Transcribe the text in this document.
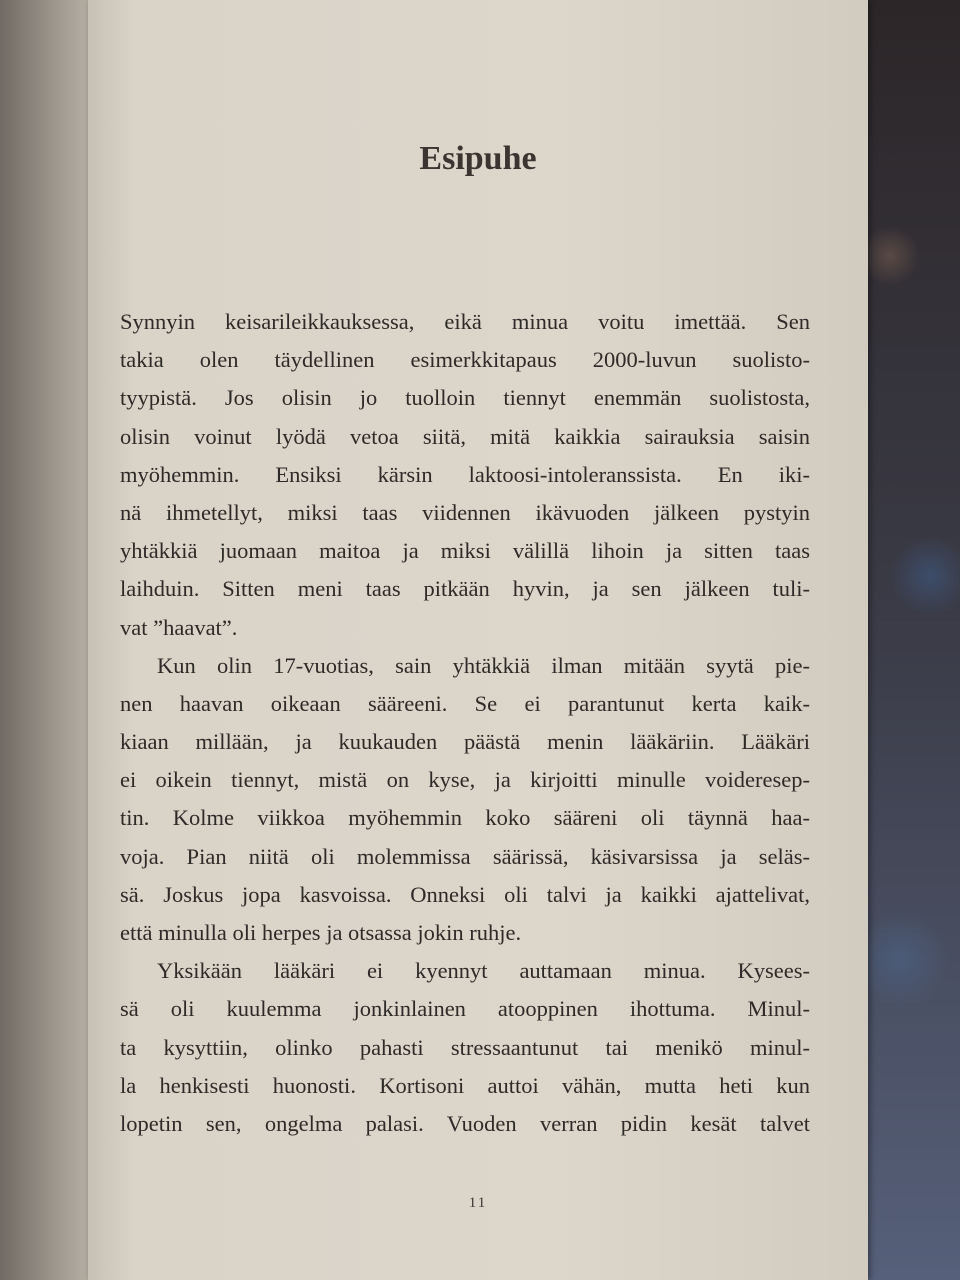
Esipuhe
Synnyin keisarileikkauksessa, eikä minua voitu imettää. Sen
takia olen täydellinen esimerkkitapaus 2000-luvun suolisto-
tyypistä. Jos olisin jo tuolloin tiennyt enemmän suolistosta,
olisin voinut lyödä vetoa siitä, mitä kaikkia sairauksia saisin
myöhemmin. Ensiksi kärsin laktoosi-intoleranssista. En iki-
nä ihmetellyt, miksi taas viidennen ikävuoden jälkeen pystyin
yhtäkkiä juomaan maitoa ja miksi välillä lihoin ja sitten taas
laihduin. Sitten meni taas pitkään hyvin, ja sen jälkeen tuli-
vat ”haavat”.
Kun olin 17-vuotias, sain yhtäkkiä ilman mitään syytä pie-
nen haavan oikeaan sääreeni. Se ei parantunut kerta kaik-
kiaan millään, ja kuukauden päästä menin lääkäriin. Lääkäri
ei oikein tiennyt, mistä on kyse, ja kirjoitti minulle voideresep-
tin. Kolme viikkoa myöhemmin koko sääreni oli täynnä haa-
voja. Pian niitä oli molemmissa säärissä, käsivarsissa ja seläs-
sä. Joskus jopa kasvoissa. Onneksi oli talvi ja kaikki ajattelivat,
että minulla oli herpes ja otsassa jokin ruhje.
Yksikään lääkäri ei kyennyt auttamaan minua. Kysees-
sä oli kuulemma jonkinlainen atooppinen ihottuma. Minul-
ta kysyttiin, olinko pahasti stressaantunut tai menikö minul-
la henkisesti huonosti. Kortisoni auttoi vähän, mutta heti kun
lopetin sen, ongelma palasi. Vuoden verran pidin kesät talvet
11
